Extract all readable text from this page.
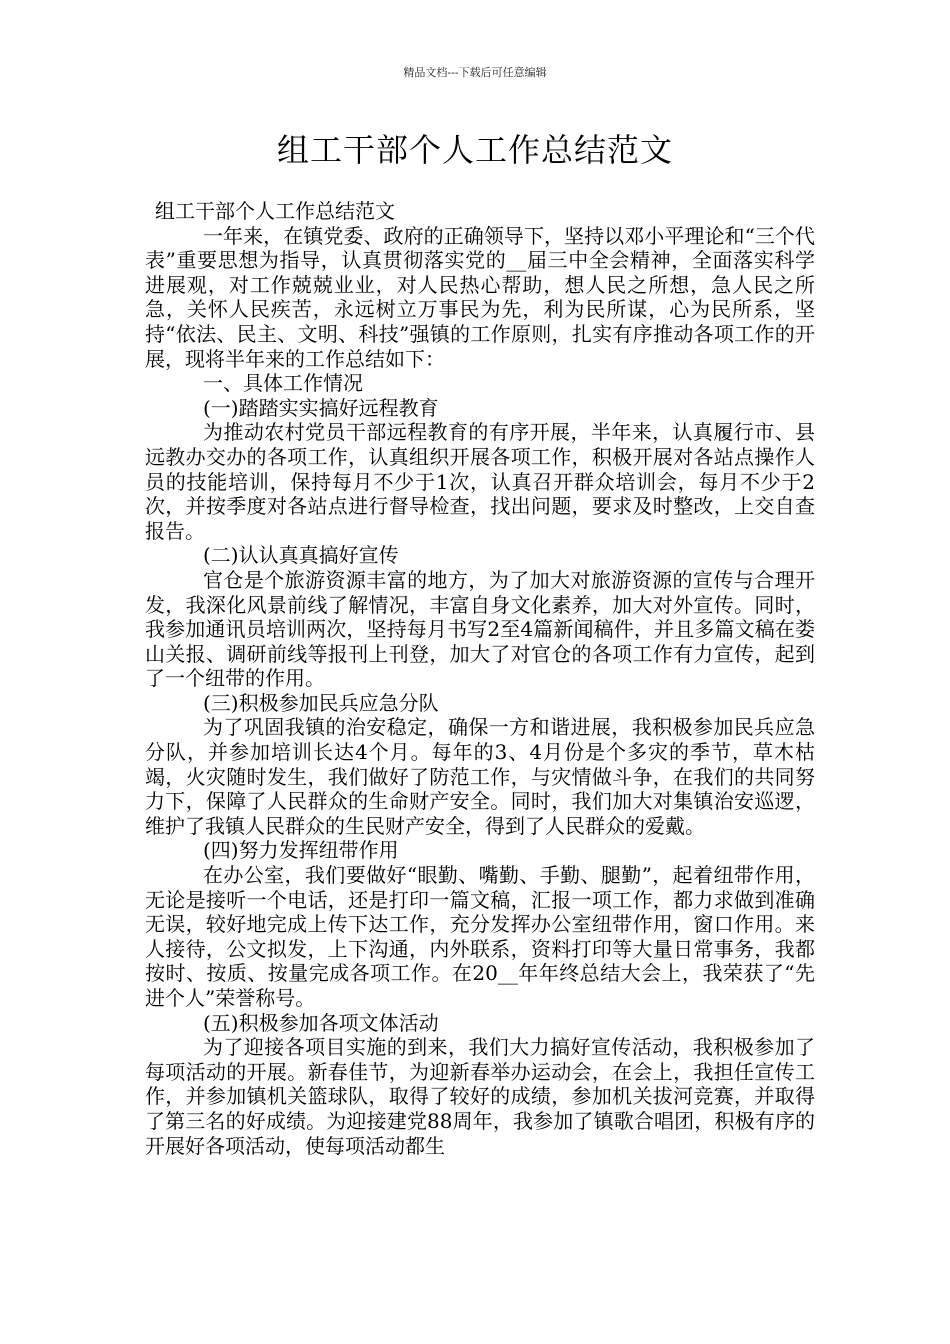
精品文档---下载后可任意编辑
组工干部个人工作总结范文

组工干部个人工作总结范文

一年来，在镇党委、政府的正确领导下，坚持以邓小平理论和“三个代表”重要思想为指导，认真贯彻落实党的__届三中全会精神，全面落实科学进展观，对工作兢兢业业，对人民热心帮助，想人民之所想，急人民之所急，关怀人民疾苦，永远树立万事民为先，利为民所谋，心为民所系，坚持“依法、民主、文明、科技”强镇的工作原则，扎实有序推动各项工作的开展，现将半年来的工作总结如下：

一、具体工作情况

(一)踏踏实实搞好远程教育

为推动农村党员干部远程教育的有序开展，半年来，认真履行市、县远教办交办的各项工作，认真组织开展各项工作，积极开展对各站点操作人员的技能培训，保持每月不少于1次，认真召开群众培训会，每月不少于2次，并按季度对各站点进行督导检查，找出问题，要求及时整改，上交自查报告。

(二)认认真真搞好宣传

官仓是个旅游资源丰富的地方，为了加大对旅游资源的宣传与合理开发，我深化风景前线了解情况，丰富自身文化素养，加大对外宣传。同时，我参加通讯员培训两次，坚持每月书写2至4篇新闻稿件，并且多篇文稿在娄山关报、调研前线等报刊上刊登，加大了对官仓的各项工作有力宣传，起到了一个纽带的作用。

(三)积极参加民兵应急分队

为了巩固我镇的治安稳定，确保一方和谐进展，我积极参加民兵应急分队，并参加培训长达4个月。每年的3、4月份是个多灾的季节，草木枯竭，火灾随时发生，我们做好了防范工作，与灾情做斗争，在我们的共同努力下，保障了人民群众的生命财产安全。同时，我们加大对集镇治安巡逻，维护了我镇人民群众的生民财产安全，得到了人民群众的爱戴。

(四)努力发挥纽带作用

在办公室，我们要做好“眼勤、嘴勤、手勤、腿勤”，起着纽带作用，无论是接听一个电话，还是打印一篇文稿，汇报一项工作，都力求做到准确无误，较好地完成上传下达工作，充分发挥办公室纽带作用，窗口作用。来人接待，公文拟发，上下沟通，内外联系，资料打印等大量日常事务，我都按时、按质、按量完成各项工作。在20__年年终总结大会上，我荣获了“先进个人”荣誉称号。

(五)积极参加各项文体活动

为了迎接各项目实施的到来，我们大力搞好宣传活动，我积极参加了每项活动的开展。新春佳节，为迎新春举办运动会，在会上，我担任宣传工作，并参加镇机关篮球队，取得了较好的成绩，参加机关拔河竞赛，并取得了第三名的好成绩。为迎接建党88周年，我参加了镇歌合唱团，积极有序的开展好各项活动，使每项活动都生
